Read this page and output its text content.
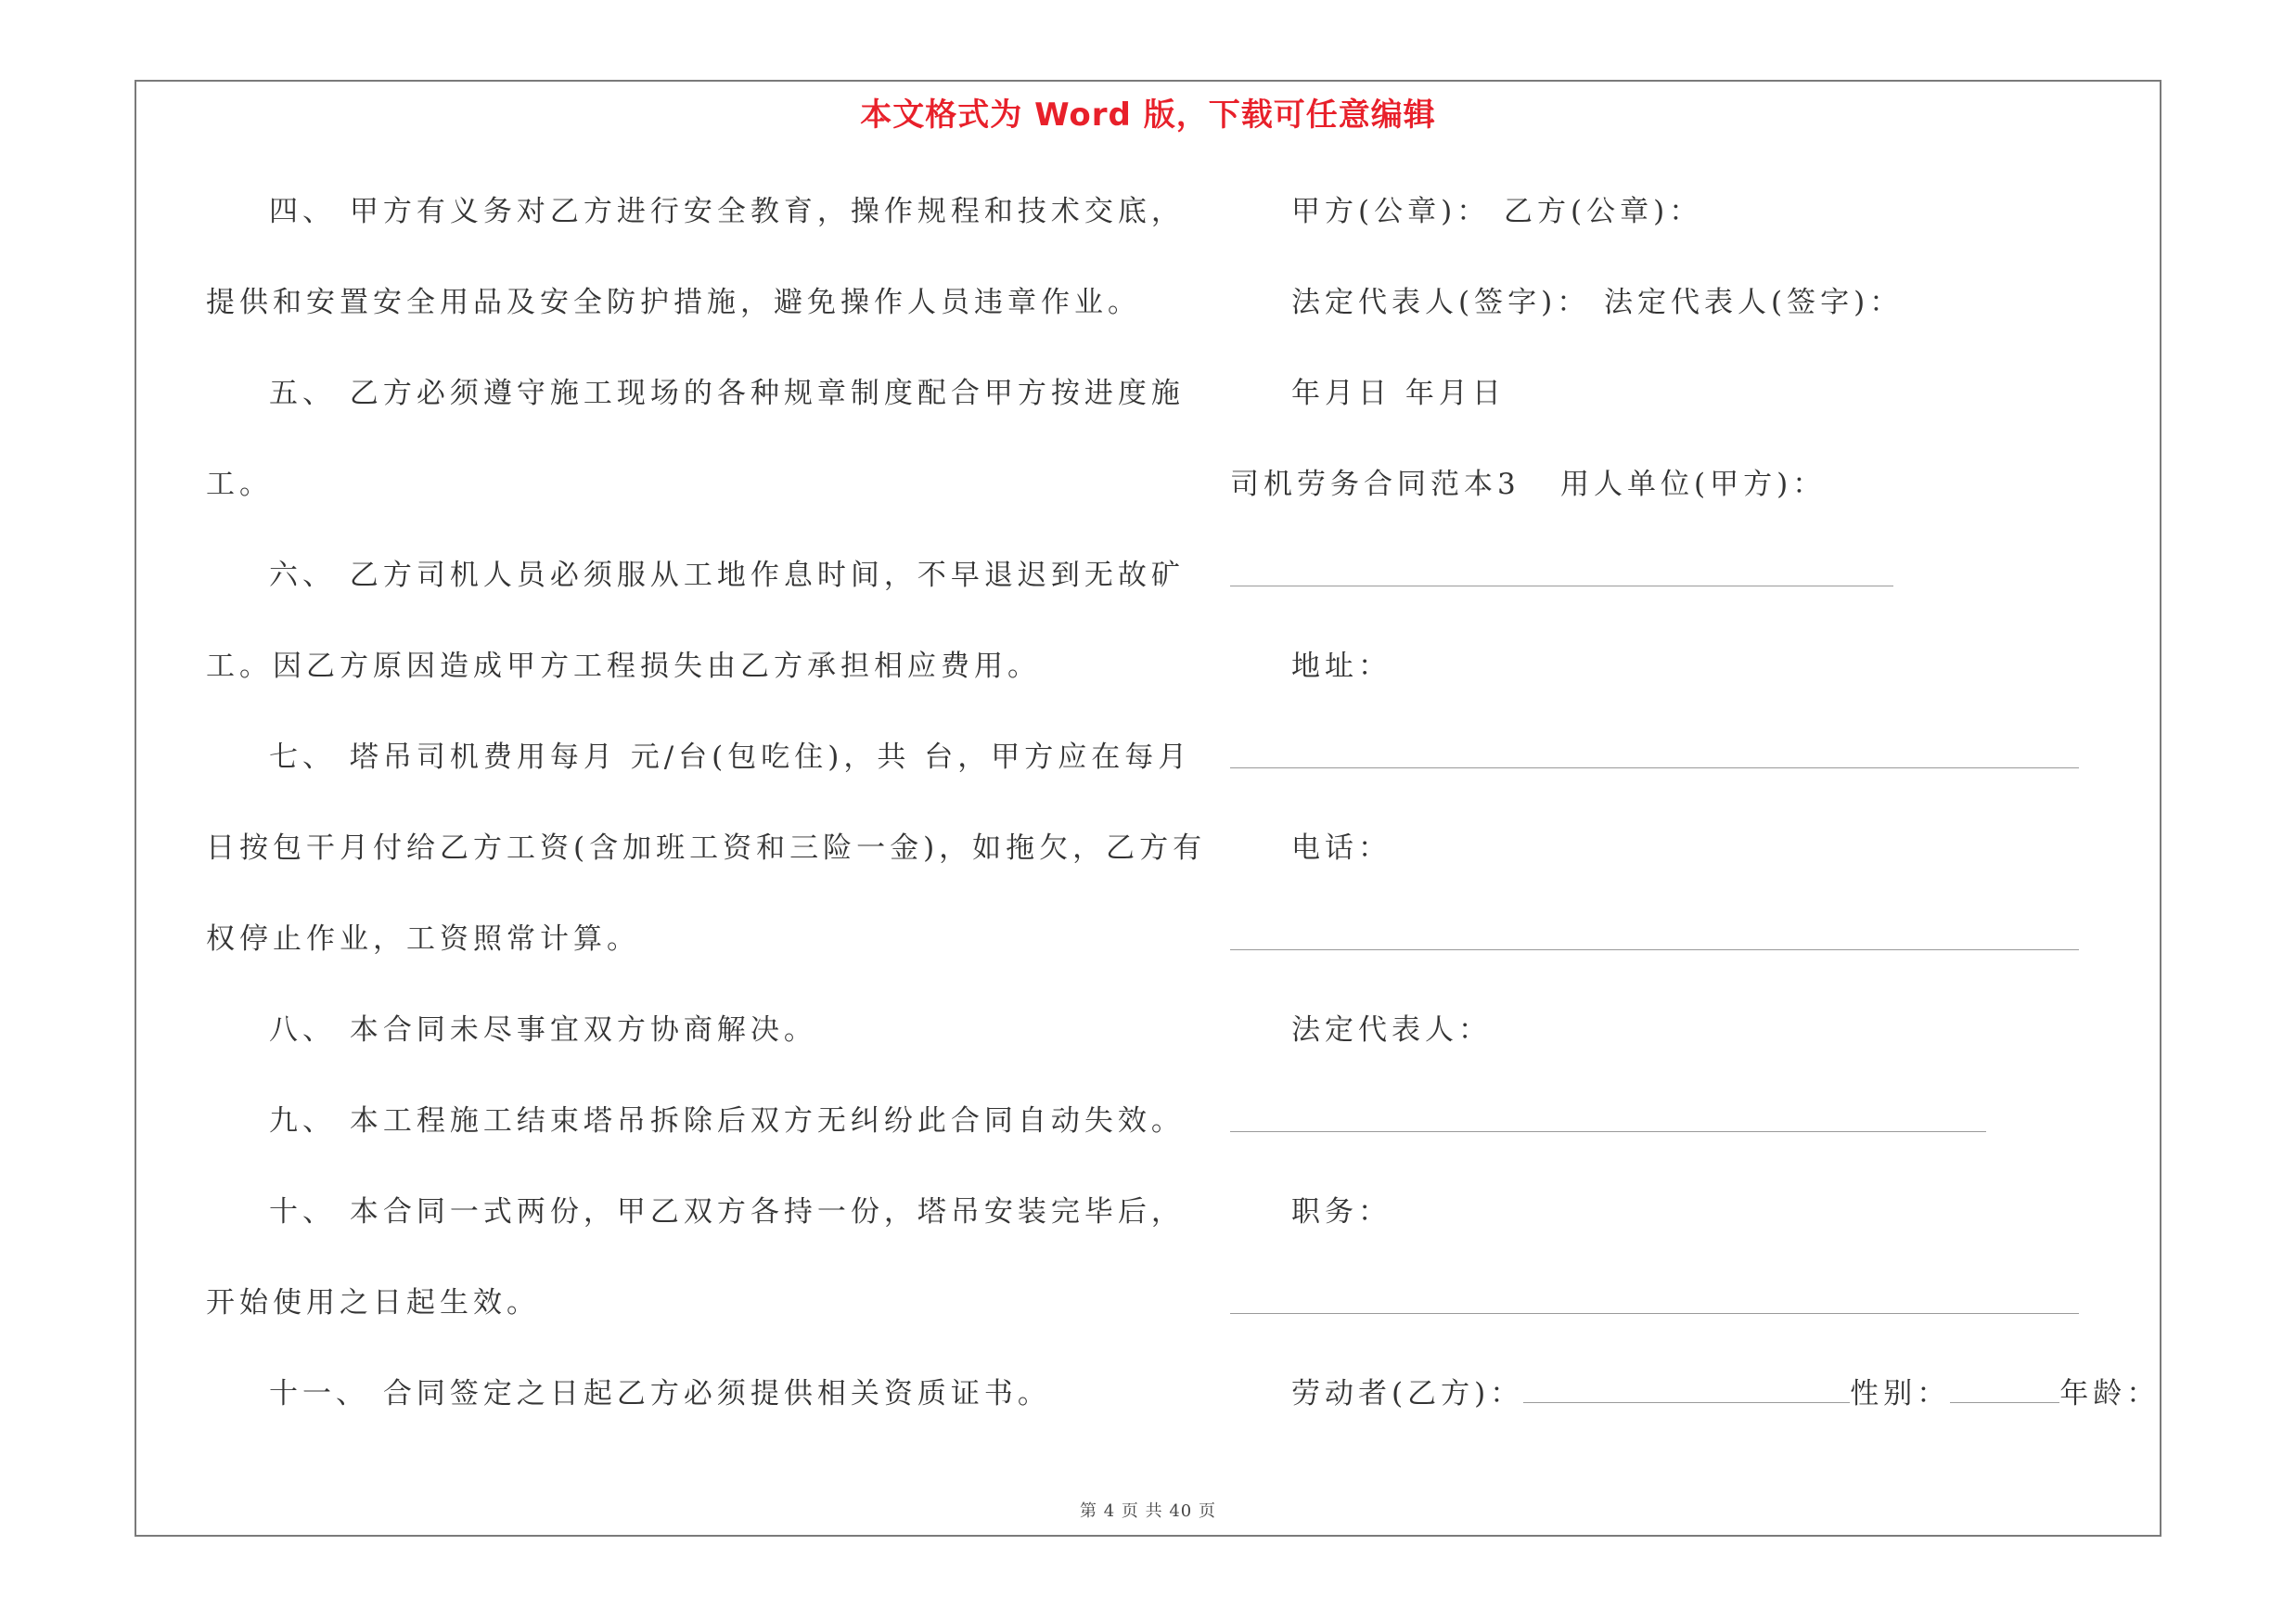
本文格式为 Word 版，下载可任意编辑
四、 甲方有义务对乙方进行安全教育，操作规程和技术交底，
提供和安置安全用品及安全防护措施，避免操作人员违章作业。
五、 乙方必须遵守施工现场的各种规章制度配合甲方按进度施
工。
六、 乙方司机人员必须服从工地作息时间，不早退迟到无故矿
工。因乙方原因造成甲方工程损失由乙方承担相应费用。
七、 塔吊司机费用每月 元/台(包吃住)，共 台，甲方应在每月
日按包干月付给乙方工资(含加班工资和三险一金)，如拖欠，乙方有
权停止作业，工资照常计算。
八、 本合同未尽事宜双方协商解决。
九、 本工程施工结束塔吊拆除后双方无纠纷此合同自动失效。
十、 本合同一式两份，甲乙双方各持一份，塔吊安装完毕后，
开始使用之日起生效。
十一、 合同签定之日起乙方必须提供相关资质证书。
甲方(公章)： 乙方(公章)：
法定代表人(签字)： 法定代表人(签字)：
年月日 年月日
司机劳务合同范本3 用人单位(甲方)：
地址：
电话：
法定代表人：
职务：
劳动者(乙方)：	性别：	年龄：
第 4 页 共 40 页
